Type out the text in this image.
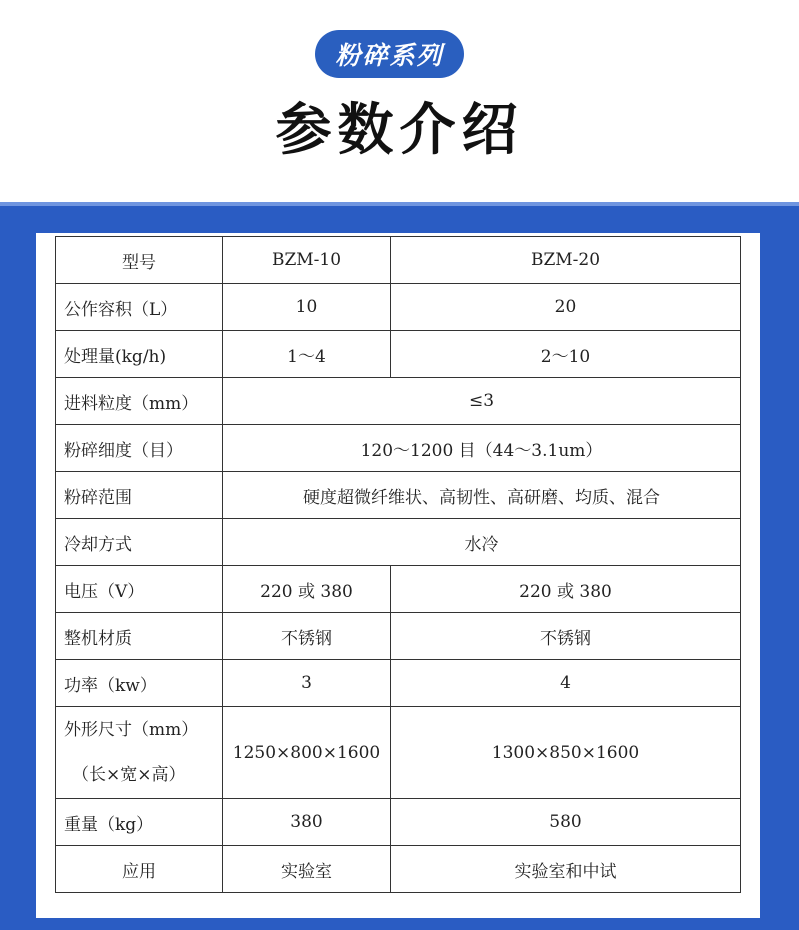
粉碎系列
参数介绍
型号	BZM-10	BZM-20
公作容积（L）	10	20
处理量(kg/h)	1～4	2～10
进料粒度（mm）	≤3	
粉碎细度（目）	120～1200 目（44～3.1um）	
粉碎范围	硬度超微纤维状、高韧性、高研磨、均质、混合	
冷却方式	水冷	
电压（V）	220 或 380	220 或 380
整机材质	不锈钢	不锈钢
功率（kw）	3	4

外形尺寸（mm）
（长×宽×高）	1250×800×1600	1300×850×1600
重量（kg）	380	580
应用	实验室	实验室和中试
